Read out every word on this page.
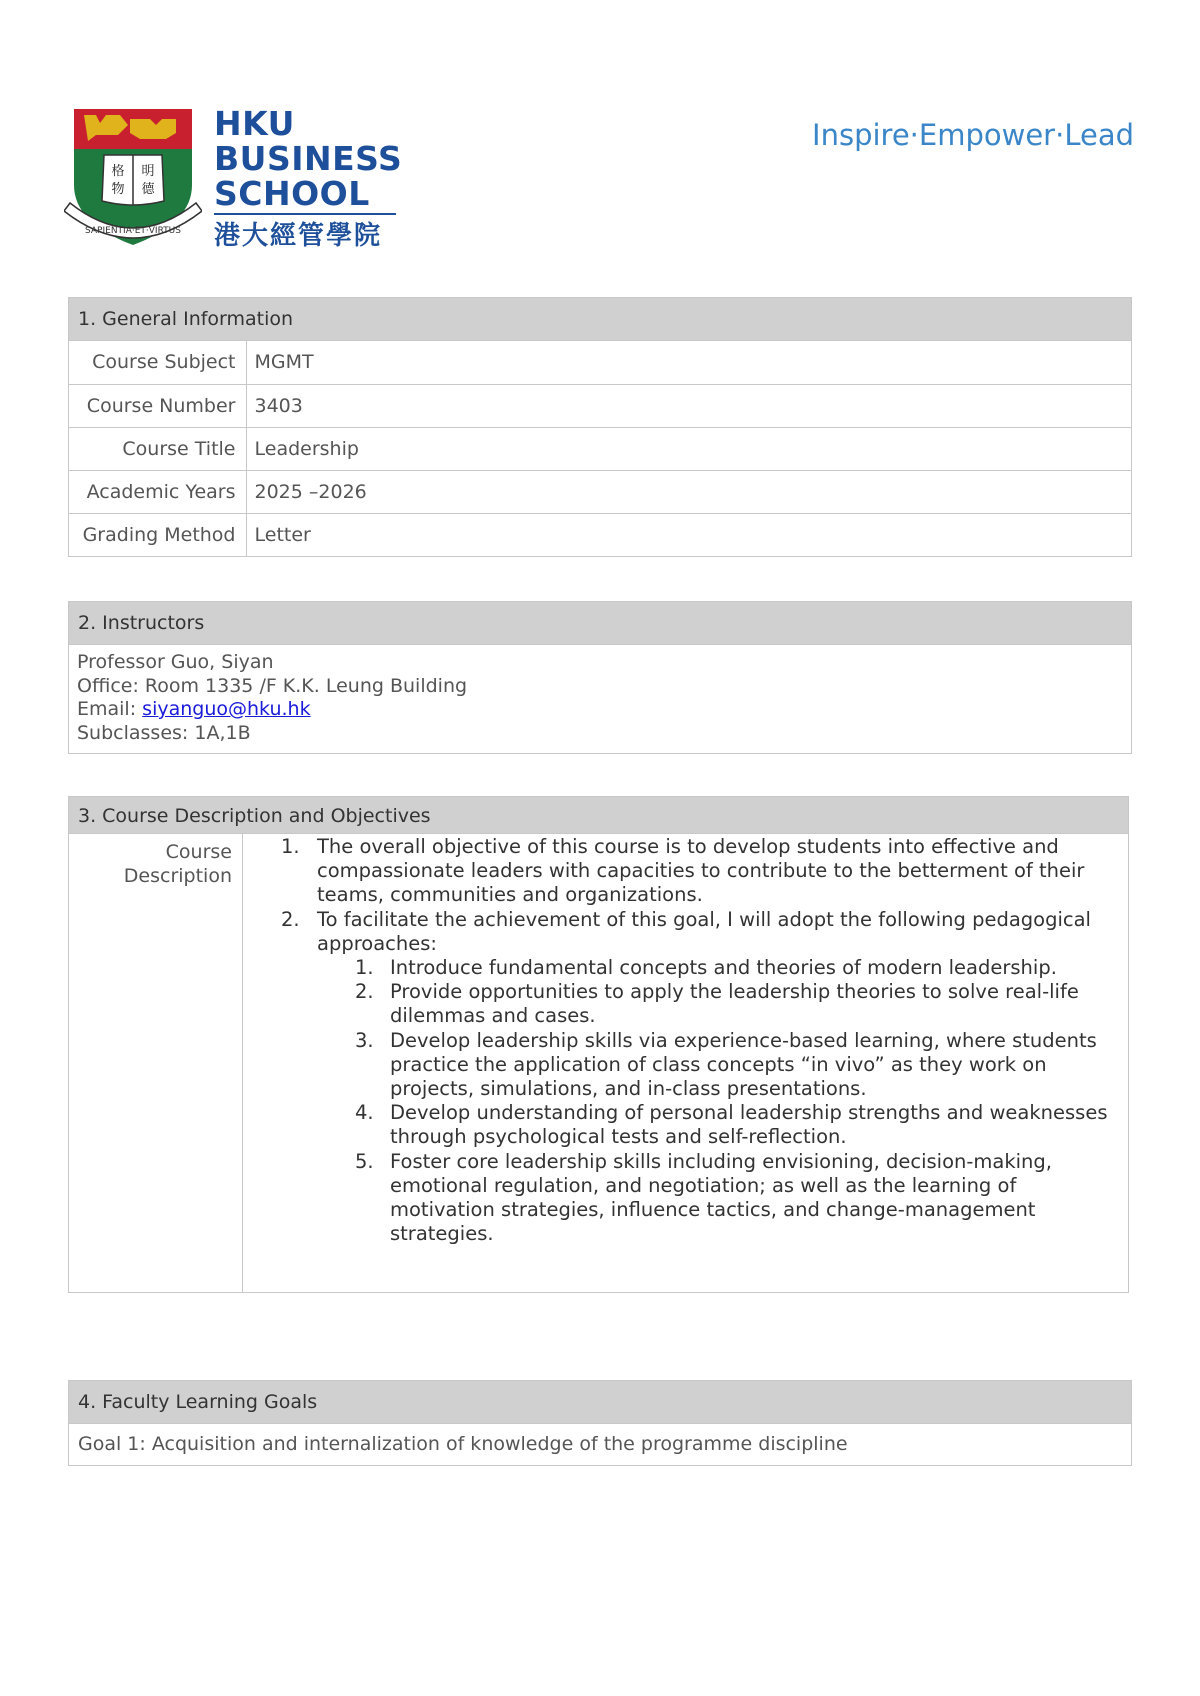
格 明
物 德
SAPIENTIA·ET·VIRTUS
HKU
BUSINESS
SCHOOL
港大經管學院
Inspire·Empower·Lead
1. General Information
Course Subject	MGMT
Course Number	3403
Course Title	Leadership
Academic Years	2025 –2026
Grading Method	Letter
2. Instructors
Professor Guo, Siyan
Office: Room 1335 /F K.K. Leung Building
Email: siyanguo@hku.hk
Subclasses: 1A,1B
3. Course Description and Objectives
Course
Description
1. The overall objective of this course is to develop students into effective and compassionate leaders with capacities to contribute to the betterment of their teams, communities and organizations.
2. To facilitate the achievement of this goal, I will adopt the following pedagogical approaches:
1. Introduce fundamental concepts and theories of modern leadership.
2. Provide opportunities to apply the leadership theories to solve real-life dilemmas and cases.
3. Develop leadership skills via experience-based learning, where students practice the application of class concepts “in vivo” as they work on projects, simulations, and in-class presentations.
4. Develop understanding of personal leadership strengths and weaknesses through psychological tests and self-reflection.
5. Foster core leadership skills including envisioning, decision-making, emotional regulation, and negotiation; as well as the learning of motivation strategies, influence tactics, and change-management strategies.
4. Faculty Learning Goals
Goal 1: Acquisition and internalization of knowledge of the programme discipline
